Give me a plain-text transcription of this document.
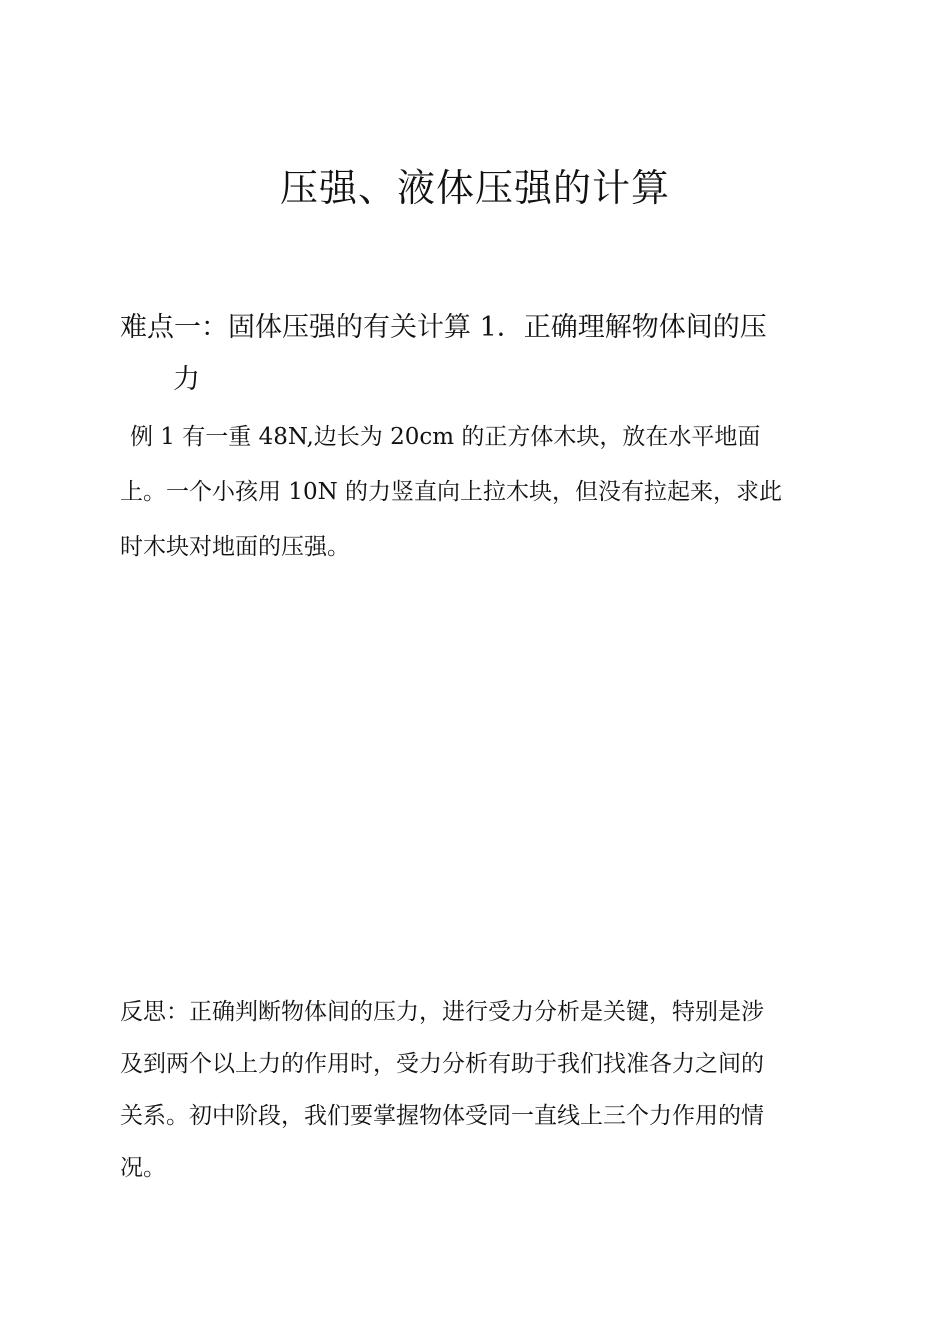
压强、液体压强的计算
难点一：固体压强的有关计算 1．正确理解物体间的压
力

例 1 有一重 48N,边长为 20cm 的正方体木块，放在水平地面
上。一个小孩用 10N 的力竖直向上拉木块，但没有拉起来，求此
时木块对地面的压强。

反思：正确判断物体间的压力，进行受力分析是关键，特别是涉
及到两个以上力的作用时，受力分析有助于我们找准各力之间的
关系。初中阶段，我们要掌握物体受同一直线上三个力作用的情
况。
